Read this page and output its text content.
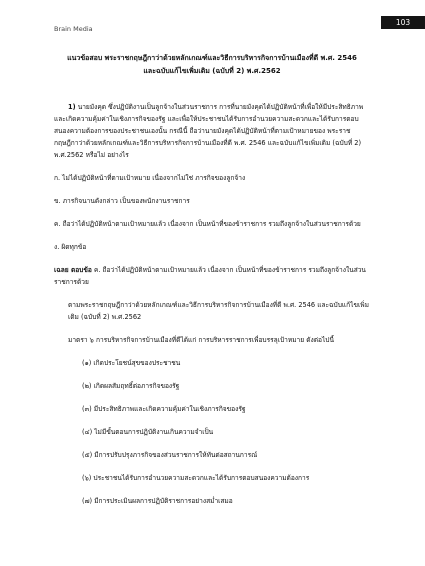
Brain Media
103
แนวข้อสอบ พระราชกฤษฎีกาว่าด้วยหลักเกณฑ์และวิธีการบริหารกิจการบ้านเมืองที่ดี พ.ศ. 2546
และฉบับแก้ไขเพิ่มเติม (ฉบับที่ 2) พ.ศ.2562
1) นายมังคุด ซึ่งปฏิบัติงานเป็นลูกจ้างในส่วนราชการ การที่นายมังคุดได้ปฏิบัติหน้าที่เพื่อให้มีประสิทธิภาพและเกิดความคุ้มค่าในเชิงภารกิจของรัฐ และเพื่อให้ประชาชนได้รับการอำนวยความสะดวกและได้รับการตอบสนองความต้องการของประชาชนเองนั้น กรณีนี้ ถือว่านายมังคุดได้ปฏิบัติหน้าที่ตามเป้าหมายของ พระราชกฤษฎีกาว่าด้วยหลักเกณฑ์และวิธีการบริหารกิจการบ้านเมืองที่ดี พ.ศ. 2546 และฉบับแก้ไขเพิ่มเติม (ฉบับที่ 2) พ.ศ.2562 หรือไม่ อย่างไร
ก. ไม่ได้ปฏิบัติหน้าที่ตามเป้าหมาย เนื่องจากไม่ใช่ ภารกิจของลูกจ้าง
ข. ภารกิจนานดังกล่าว เป็นของพนักงานราชการ
ค. ถือว่าได้ปฏิบัติหน้าตามเป้าหมายแล้ว เนื่องจาก เป็นหน้าที่ของข้าราชการ รวมถึงลูกจ้างในส่วนราชการด้วย
ง. ผิดทุกข้อ
เฉลย ตอบข้อ ค. ถือว่าได้ปฏิบัติหน้าตามเป้าหมายแล้ว เนื่องจาก เป็นหน้าที่ของข้าราชการ รวมถึงลูกจ้างในส่วนราชการด้วย
ตามพระราชกฤษฎีกาว่าด้วยหลักเกณฑ์และวิธีการบริหารกิจการบ้านเมืองที่ดี พ.ศ. 2546 และฉบับแก้ไขเพิ่มเติม (ฉบับที่ 2) พ.ศ.2562
มาตรา ๖ การบริหารกิจการบ้านเมืองที่ดีได้แก่ การบริหารราชการเพื่อบรรลุเป้าหมาย ดังต่อไปนี้
(๑) เกิดประโยชน์สุขของประชาชน
(๒) เกิดผลสัมฤทธิ์ต่อภารกิจของรัฐ
(๓) มีประสิทธิภาพและเกิดความคุ้มค่าในเชิงภารกิจของรัฐ
(๔) ไม่มีขั้นตอนการปฏิบัติงานเกินความจำเป็น
(๕) มีการปรับปรุงภารกิจของส่วนราชการให้ทันต่อสถานการณ์
(๖) ประชาชนได้รับการอำนวยความสะดวกและได้รับการตอบสนองความต้องการ
(๗) มีการประเมินผลการปฏิบัติราชการอย่างสม่ำเสมอ
